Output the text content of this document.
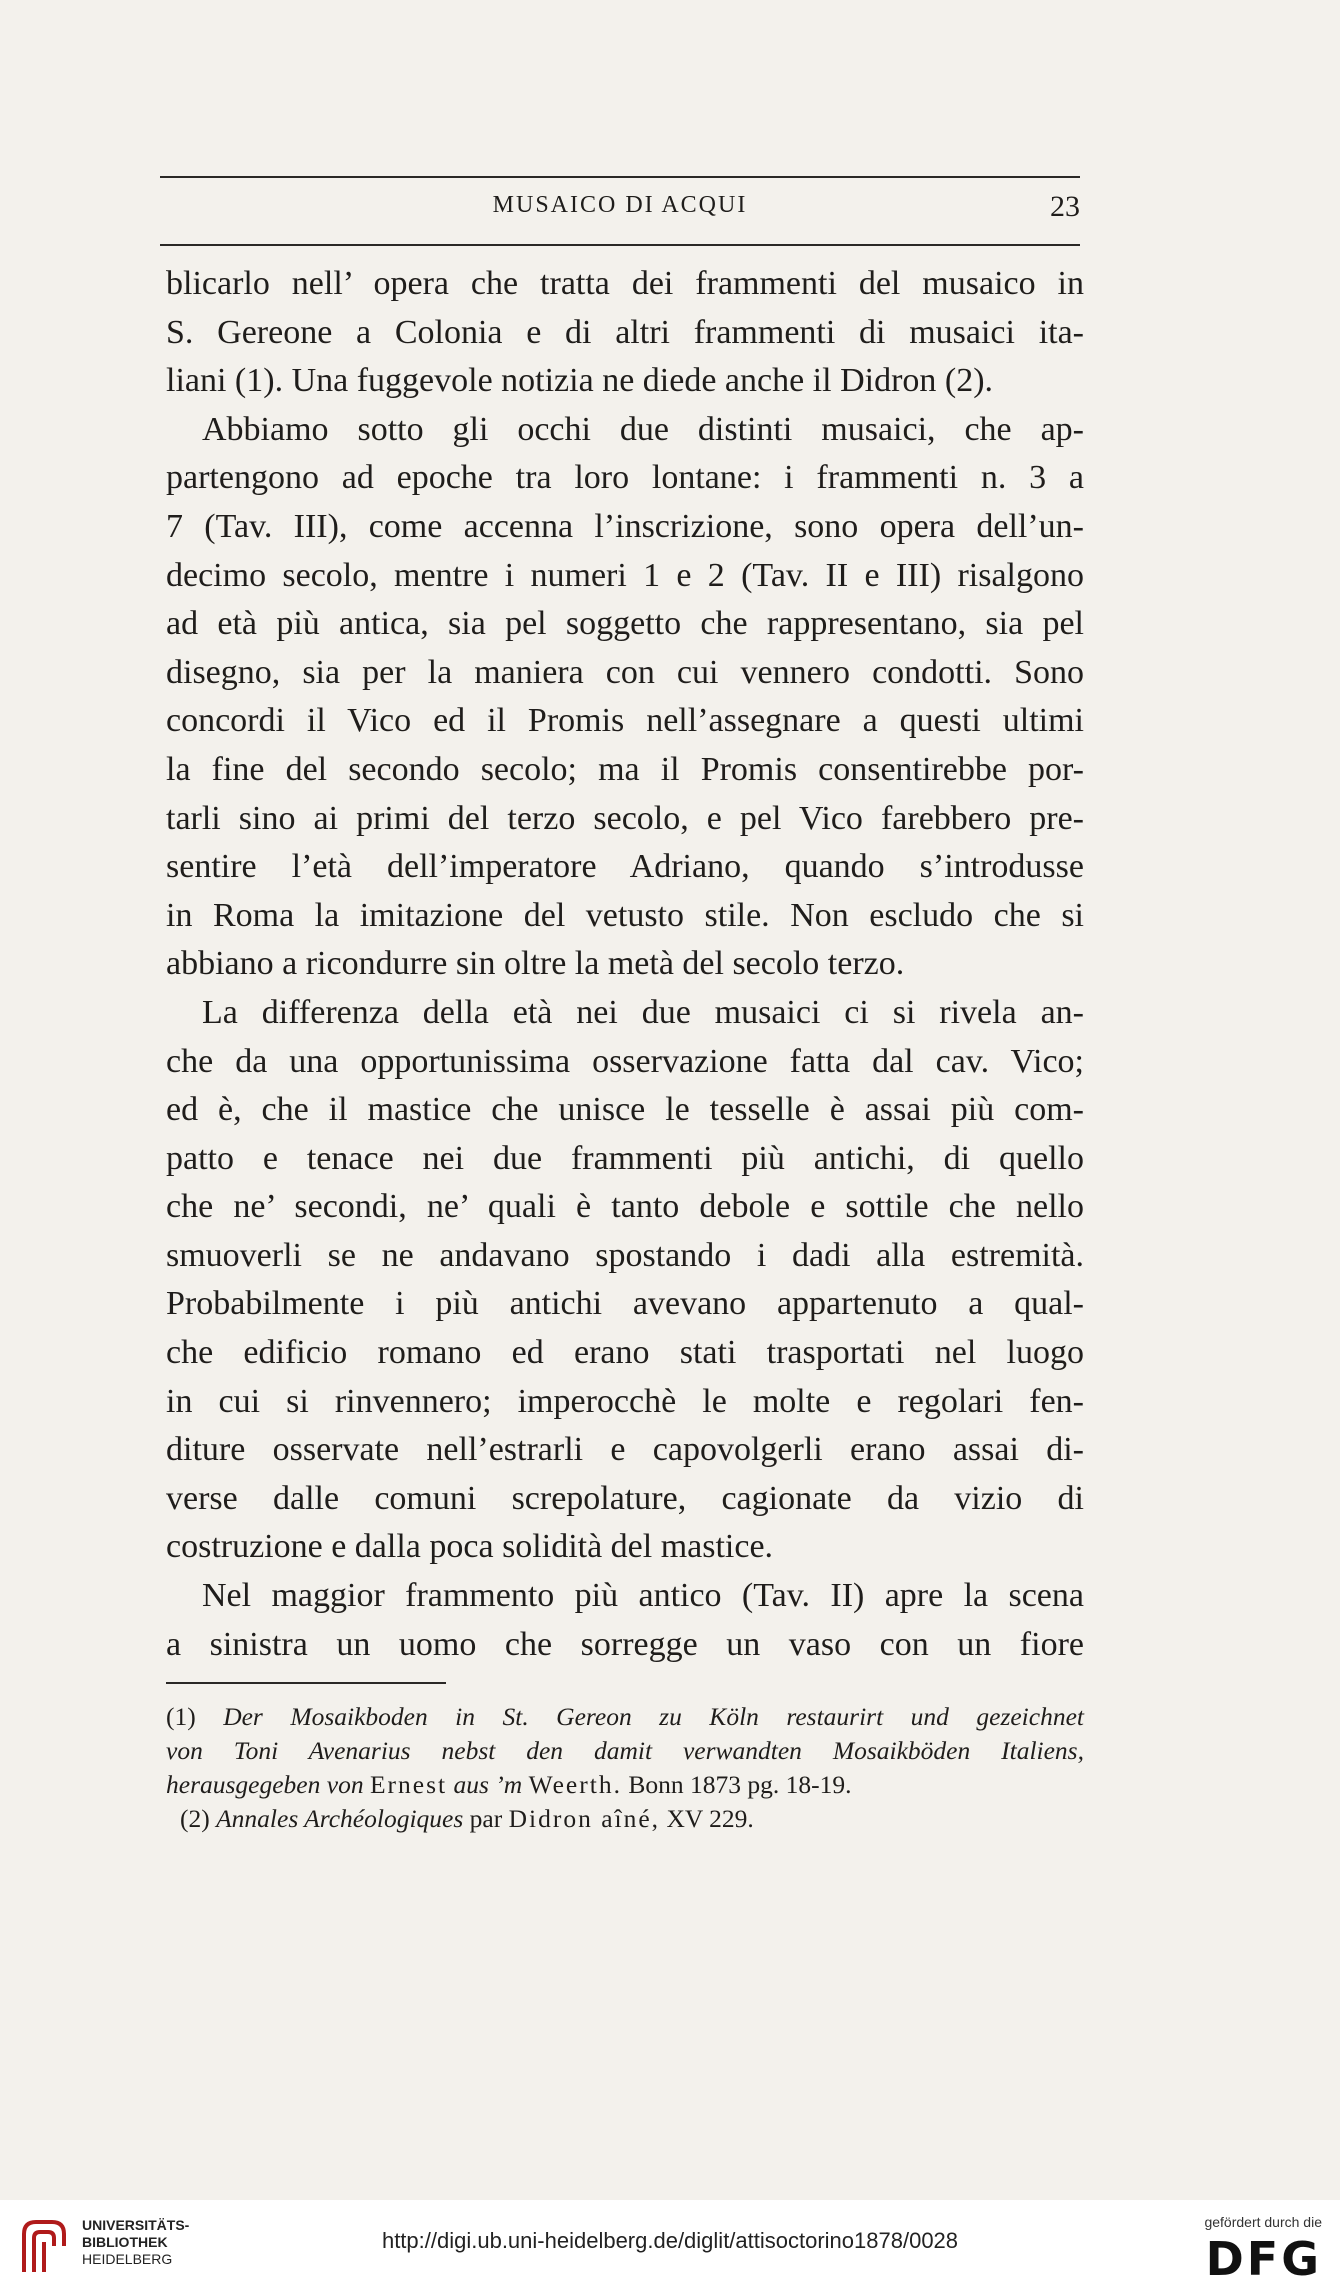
MUSAICO DI ACQUI	23
blicarlo nell’ opera che tratta dei frammenti del musaico in
S. Gereone a Colonia e di altri frammenti di musaici ita-
liani (1). Una fuggevole notizia ne diede anche il Didron (2).
Abbiamo sotto gli occhi due distinti musaici, che ap-
partengono ad epoche tra loro lontane: i frammenti n. 3 a
7 (Tav. III), come accenna l’inscrizione, sono opera dell’un-
decimo secolo, mentre i numeri 1 e 2 (Tav. II e III) risalgono
ad età più antica, sia pel soggetto che rappresentano, sia pel
disegno, sia per la maniera con cui vennero condotti. Sono
concordi il Vico ed il Promis nell’assegnare a questi ultimi
la fine del secondo secolo; ma il Promis consentirebbe por-
tarli sino ai primi del terzo secolo, e pel Vico farebbero pre-
sentire l’età dell’imperatore Adriano, quando s’introdusse
in Roma la imitazione del vetusto stile. Non escludo che si
abbiano a ricondurre sin oltre la metà del secolo terzo.
La differenza della età nei due musaici ci si rivela an-
che da una opportunissima osservazione fatta dal cav. Vico;
ed è, che il mastice che unisce le tesselle è assai più com-
patto e tenace nei due frammenti più antichi, di quello
che ne’ secondi, ne’ quali è tanto debole e sottile che nello
smuoverli se ne andavano spostando i dadi alla estremità.
Probabilmente i più antichi avevano appartenuto a qual-
che edificio romano ed erano stati trasportati nel luogo
in cui si rinvennero; imperocchè le molte e regolari fen-
diture osservate nell’estrarli e capovolgerli erano assai di-
verse dalle comuni screpolature, cagionate da vizio di
costruzione e dalla poca solidità del mastice.
Nel maggior frammento più antico (Tav. II) apre la scena
a sinistra un uomo che sorregge un vaso con un fiore
(1) Der Mosaikboden in St. Gereon zu Köln restaurirt und gezeichnet
von Toni Avenarius nebst den damit verwandten Mosaikböden Italiens,
herausgegeben von Ernest aus ’m Weerth. Bonn 1873 pg. 18-19.
(2) Annales Archéologiques par Didron aîné, XV 229.
UNIVERSITÄTS-
BIBLIOTHEK
HEIDELBERG
http://digi.ub.uni-heidelberg.de/diglit/attisoctorino1878/0028
gefördert durch die
DFG
